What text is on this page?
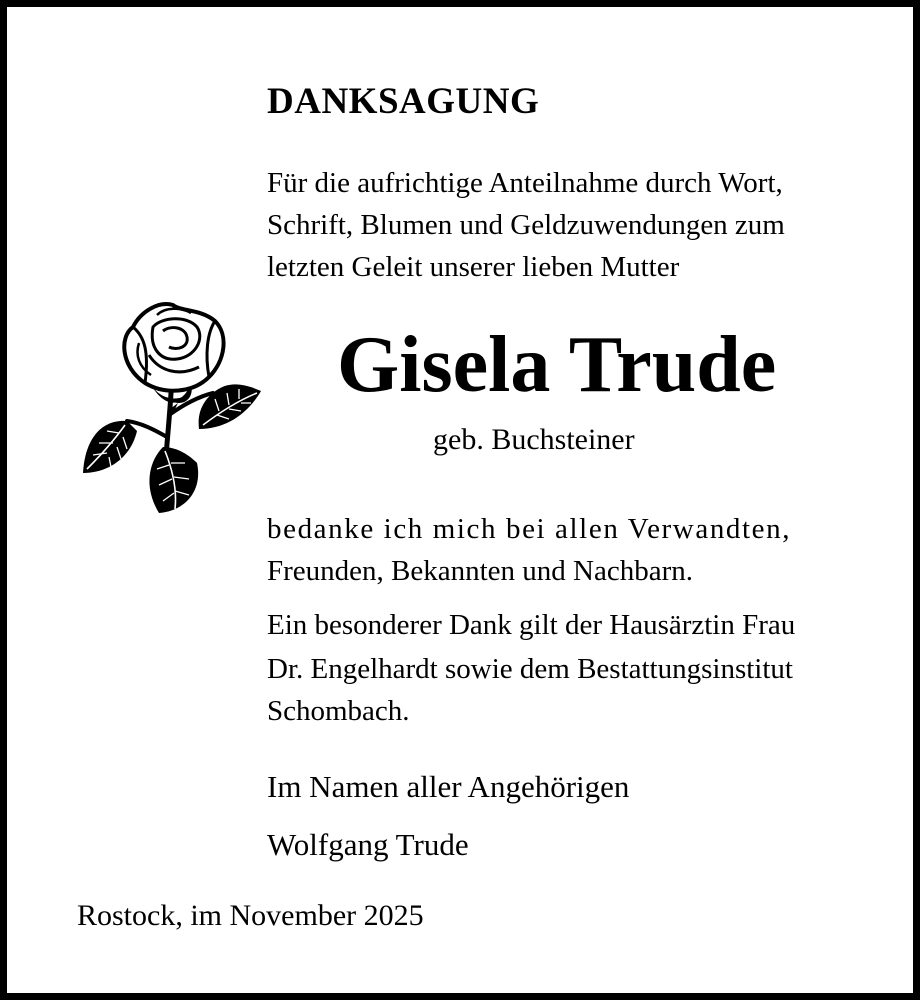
DANKSAGUNG
Für die aufrichtige Anteilnahme durch Wort,
Schrift, Blumen und Geldzuwendungen zum
letzten Geleit unserer lieben Mutter
Gisela Trude

geb. Buchsteiner

bedanke ich mich bei allen Verwandten,
Freunden, Bekannten und Nachbarn.
Ein besonderer Dank gilt der Hausärztin Frau
Dr. Engelhardt sowie dem Bestattungsinstitut
Schombach.
Im Namen aller Angehörigen
Wolfgang Trude

Rostock, im November 2025
